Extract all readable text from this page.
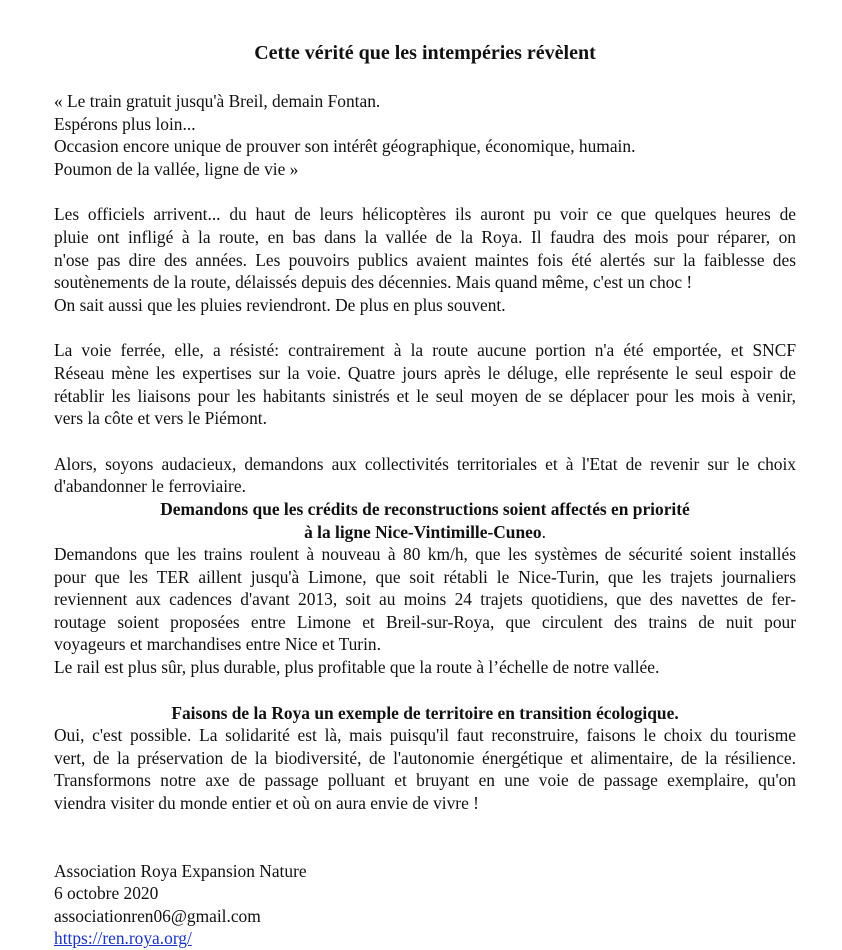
Cette vérité que les intempéries révèlent
« Le train gratuit jusqu'à Breil, demain Fontan.
Espérons plus loin...
Occasion encore unique de prouver son intérêt géographique, économique, humain.
Poumon de la vallée, ligne de vie »

Les officiels arrivent... du haut de leurs hélicoptères ils auront pu voir ce que quelques heures de

pluie ont infligé à la route, en bas dans la vallée de la Roya. Il faudra des mois pour réparer, on

n'ose pas dire des années. Les pouvoirs publics avaient maintes fois été alertés sur la faiblesse des

soutènements de la route, délaissés depuis des décennies. Mais quand même, c'est un choc !

On sait aussi que les pluies reviendront. De plus en plus souvent.

La voie ferrée, elle, a résisté: contrairement à la route aucune portion n'a été emportée, et SNCF

Réseau mène les expertises sur la voie. Quatre jours après le déluge, elle représente le seul espoir de

rétablir les liaisons pour les habitants sinistrés et le seul moyen de se déplacer pour les mois à venir,

vers la côte et vers le Piémont.

Alors, soyons audacieux, demandons aux collectivités territoriales et à l'Etat de revenir sur le choix

d'abandonner le ferroviaire.

Demandons que les crédits de reconstructions soient affectés en priorité
à la ligne Nice-Vintimille-Cuneo.

Demandons que les trains roulent à nouveau à 80 km/h, que les systèmes de sécurité soient installés

pour que les TER aillent jusqu'à Limone, que soit rétabli le Nice-Turin, que les trajets journaliers

reviennent aux cadences d'avant 2013, soit au moins 24 trajets quotidiens, que des navettes de fer-

routage soient proposées entre Limone et Breil-sur-Roya, que circulent des trains de nuit pour

voyageurs et marchandises entre Nice et Turin.

Le rail est plus sûr, plus durable, plus profitable que la route à l’échelle de notre vallée.

Faisons de la Roya un exemple de territoire en transition écologique.

Oui, c'est possible. La solidarité est là, mais puisqu'il faut reconstruire, faisons le choix du tourisme

vert, de la préservation de la biodiversité, de l'autonomie énergétique et alimentaire, de la résilience.

Transformons notre axe de passage polluant et bruyant en une voie de passage exemplaire, qu'on

viendra visiter du monde entier et où on aura envie de vivre !

Association Roya Expansion Nature
6 octobre 2020
associationren06@gmail.com
https://ren.roya.org/
